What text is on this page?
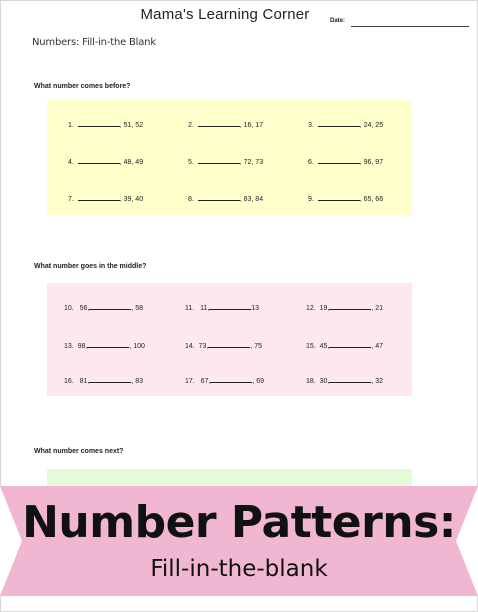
Mama's Learning Corner	Date:
Numbers: Fill-in-the Blank
What number comes before?
1.	, 51, 52	2.	, 16, 17	3.	, 24, 25
4.	, 48, 49	5.	, 72, 73	6.	, 96, 97
7.	, 39, 40	8.	, 83, 84	9.	, 65, 66
What number goes in the middle?
10. 56,	, 58	11. 11,	13	12. 19,	, 21
13. 98,	, 100	14. 73,	, 75	15. 45,	, 47
16. 81,	, 83	17. 67,	, 69	18. 30,	, 32
What number comes next?

Number Patterns:
Fill-in-the-blank
